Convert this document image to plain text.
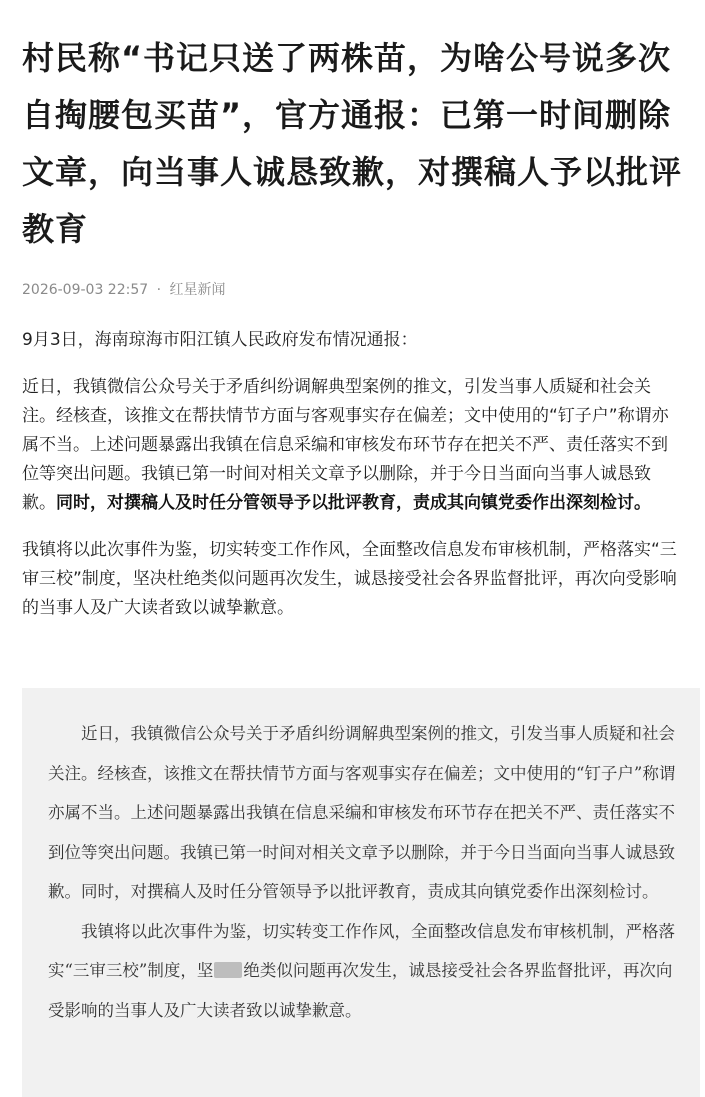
村民称“书记只送了两株苗，为啥公号说多次自掏腰包买苗”，官方通报：已第一时间删除文章，向当事人诚恳致歉，对撰稿人予以批评教育
2026-09-03 22:57 · 红星新闻

9月3日，海南琼海市阳江镇人民政府发布情况通报：

近日，我镇微信公众号关于矛盾纠纷调解典型案例的推文，引发当事人质疑和社会关注。经核查，该推文在帮扶情节方面与客观事实存在偏差；文中使用的“钉子户”称谓亦属不当。上述问题暴露出我镇在信息采编和审核发布环节存在把关不严、责任落实不到位等突出问题。我镇已第一时间对相关文章予以删除，并于今日当面向当事人诚恳致歉。同时，对撰稿人及时任分管领导予以批评教育，责成其向镇党委作出深刻检讨。

我镇将以此次事件为鉴，切实转变工作作风，全面整改信息发布审核机制，严格落实“三审三校”制度，坚决杜绝类似问题再次发生，诚恳接受社会各界监督批评，再次向受影响的当事人及广大读者致以诚挚歉意。

近日，我镇微信公众号关于矛盾纠纷调解典型案例的推文，引发当事人质疑和社会关注。经核查，该推文在帮扶情节方面与客观事实存在偏差；文中使用的“钉子户”称谓亦属不当。上述问题暴露出我镇在信息采编和审核发布环节存在把关不严、责任落实不到位等突出问题。我镇已第一时间对相关文章予以删除，并于今日当面向当事人诚恳致歉。同时，对撰稿人及时任分管领导予以批评教育，责成其向镇党委作出深刻检讨。

我镇将以此次事件为鉴，切实转变工作作风，全面整改信息发布审核机制，严格落实“三审三校”制度，坚 绝类似问题再次发生，诚恳接受社会各界监督批评，再次向受影响的当事人及广大读者致以诚挚歉意。
